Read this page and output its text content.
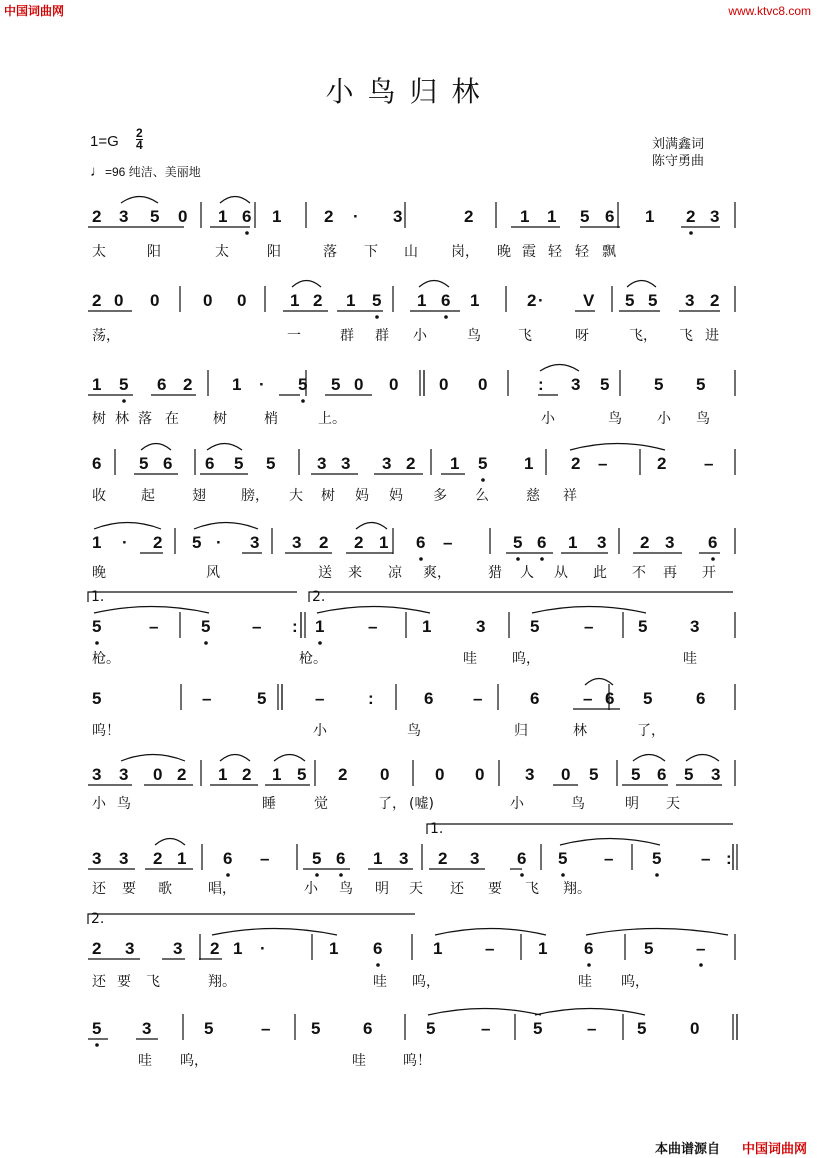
中国词曲网	www.ktvc8.com
小鸟归林
1=G 2
4
♩=96 纯洁、美丽地
刘满鑫词
陈守勇曲
2 3 5 0 1 6 1	2 · 3	2	1 1 5 6 1 2 3
太	阳	太	阳	落 下 山 岗， 晚 霞 轻 轻 飘
2 0 0	0 0	1 2 1 5 1 6 1	2 · V 5 5 3 2
荡，	一	群 群 小	鸟	飞	呀	飞， 飞 进
1 5 6 2 1 · 5 5 0 0 0 0	: 3 5	5 5
树 林 落 在 树	梢	上。	小	鸟	小 鸟
6 5 6 6 5 5 3 3 3 2 1 5 1 2 –	2 –
收	起	翅	膀， 大 树 妈 妈 多 么	慈 祥
1 · 2 5 · 3 3 2 2 1 6 –	5 6 1 3 2 3 6
晚	风	送 来 凉 爽，	猎 人 从 此 不 再 开
5	–	5 – : 1	–	1	3	5	–	5	3
枪。	枪。	哇	呜，	哇
1.	2.
5	–	5	–	:	6 –	6	– 6 5	6
呜！	小	鸟	归	林	了，
3 3 0 2 1 2 1 5 2 0	0 0 3 0 5 5 6 5 3
小 鸟	睡	觉	了， (嘘)	小	鸟	明 天
3 3 2 1 6 –	5 6 1 3 2 3 6 5 – 5 – :
还 要 歌	唱，	小 鸟 明 天 还 要 飞 翔。
1.
2 3 3 2 1 ·	1 6	1	–	1 6	5	–
还 要 飞	翔。	哇 呜，	哇 呜，
2.
5 3	5	– 5	6	5	–	5	– 5	0
哇 呜，	哇	呜！
本曲谱源自 中国词曲网
